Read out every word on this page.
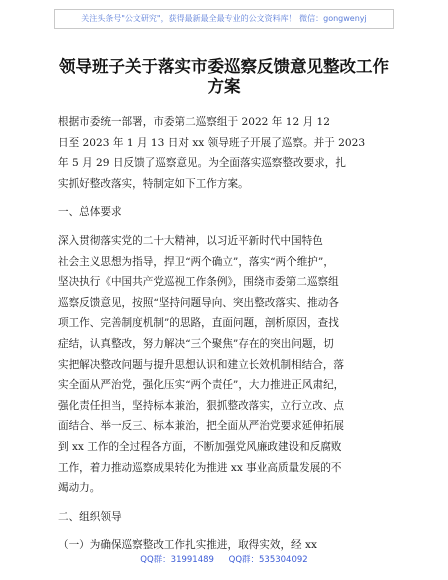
关注头条号"公文研究"，获得最新最全最专业的公文资料库！ 微信：gongwenyj
领导班子关于落实市委巡察反馈意见整改工作
方案
根据市委统一部署，市委第二巡察组于 2022 年 12 月 12
日至 2023 年 1 月 13 日对 xx 领导班子开展了巡察。并于 2023
年 5 月 29 日反馈了巡察意见。为全面落实巡察整改要求，扎
实抓好整改落实，特制定如下工作方案。
一、总体要求
深入贯彻落实党的二十大精神，以习近平新时代中国特色
社会主义思想为指导，捍卫“两个确立”，落实“两个维护”，
坚决执行《中国共产党巡视工作条例》，围绕市委第二巡察组
巡察反馈意见，按照“坚持问题导向、突出整改落实、推动各
项工作、完善制度机制”的思路，直面问题，剖析原因，查找
症结，认真整改，努力解决“三个聚焦”存在的突出问题，切
实把解决整改问题与提升思想认识和建立长效机制相结合，落
实全面从严治党，强化压实“两个责任”，大力推进正风肃纪，
强化责任担当，坚持标本兼治，狠抓整改落实，立行立改、点
面结合、举一反三、标本兼治，把全面从严治党要求延伸拓展
到 xx 工作的全过程各方面，不断加强党风廉政建设和反腐败
工作，着力推动巡察成果转化为推进 xx 事业高质量发展的不
竭动力。
二、组织领导
（一）为确保巡察整改工作扎实推进，取得实效，经 xx
QQ群：31991489 QQ群：535304092
